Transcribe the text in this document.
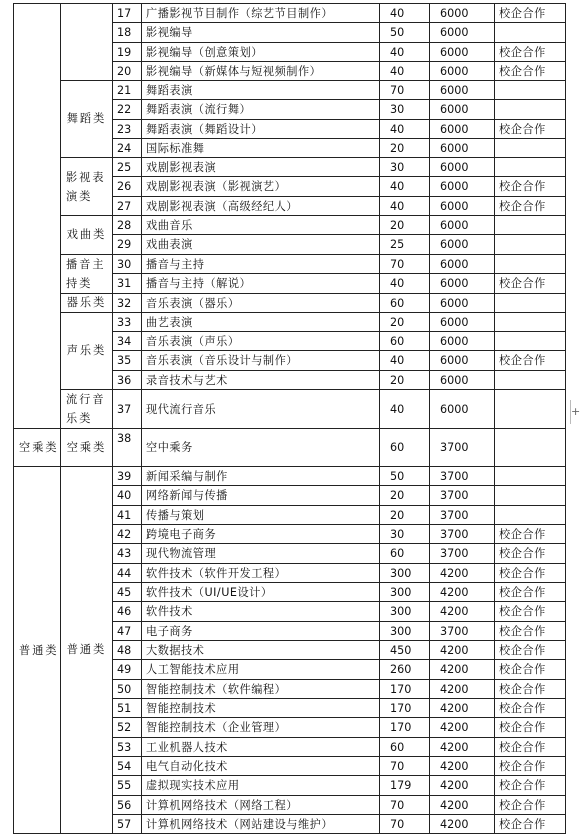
		17	广播影视节目制作（综艺节目制作）	40	6000	校企合作
		18	影视编导	50	6000	
		19	影视编导（创意策划）	40	6000	校企合作
		20	影视编导（新媒体与短视频制作）	40	6000	校企合作
	舞蹈类	21	舞蹈表演	70	6000	
		22	舞蹈表演（流行舞）	30	6000	
		23	舞蹈表演（舞蹈设计）	40	6000	校企合作
		24	国际标准舞	20	6000	
	影视表演类	25	戏剧影视表演	30	6000	
		26	戏剧影视表演（影视演艺）	40	6000	校企合作
		27	戏剧影视表演（高级经纪人）	40	6000	校企合作
	戏曲类	28	戏曲音乐	20	6000	
		29	戏曲表演	25	6000	
	播音主持类	30	播音与主持	70	6000	
		31	播音与主持（解说）	40	6000	校企合作
	器乐类	32	音乐表演（器乐）	60	6000	
	声乐类	33	曲艺表演	20	6000	
		34	音乐表演（声乐）	60	6000	
		35	音乐表演（音乐设计与制作）	40	6000	校企合作
		36	录音技术与艺术	20	6000	
	流行音乐类	37	现代流行音乐	40	6000	
空乘类	空乘类	38	空中乘务	60	3700	
普通类	普通类	39	新闻采编与制作	50	3700	
		40	网络新闻与传播	20	3700	
		41	传播与策划	20	3700	
		42	跨境电子商务	30	3700	校企合作
		43	现代物流管理	60	3700	校企合作
		44	软件技术（软件开发工程）	300	4200	校企合作
		45	软件技术（UI/UE设计）	300	4200	校企合作
		46	软件技术	300	4200	校企合作
		47	电子商务	300	3700	校企合作
		48	大数据技术	450	4200	校企合作
		49	人工智能技术应用	260	4200	校企合作
		50	智能控制技术（软件编程）	170	4200	校企合作
		51	智能控制技术	170	4200	校企合作
		52	智能控制技术（企业管理）	170	4200	校企合作
		53	工业机器人技术	60	4200	校企合作
		54	电气自动化技术	70	4200	校企合作
		55	虚拟现实技术应用	179	4200	校企合作
		56	计算机网络技术（网络工程）	70	4200	校企合作
		57	计算机网络技术（网站建设与维护）	70	4200	校企合作
+
